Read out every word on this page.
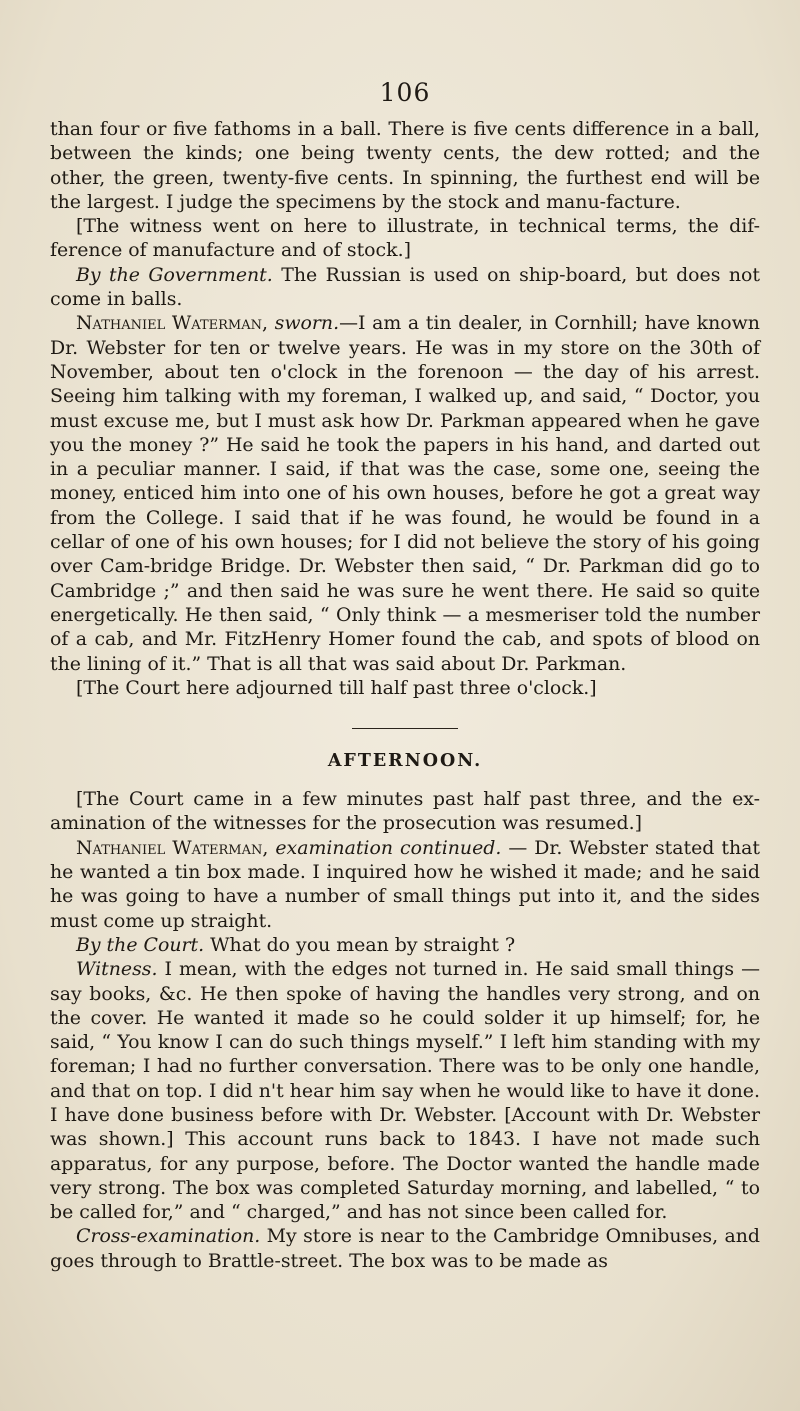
106

than four or five fathoms in a ball. There is five cents difference in a ball, between the kinds; one being twenty cents, the dew rotted; and the other, the green, twenty-five cents. In spinning, the furthest end will be the largest. I judge the specimens by the stock and manu-facture.

[The witness went on here to illustrate, in technical terms, the dif-ference of manufacture and of stock.]

By the Government. The Russian is used on ship-board, but does not come in balls.

Nathaniel Waterman, sworn.—I am a tin dealer, in Cornhill; have known Dr. Webster for ten or twelve years. He was in my store on the 30th of November, about ten o'clock in the forenoon — the day of his arrest. Seeing him talking with my foreman, I walked up, and said, “ Doctor, you must excuse me, but I must ask how Dr. Parkman appeared when he gave you the money ?” He said he took the papers in his hand, and darted out in a peculiar manner. I said, if that was the case, some one, seeing the money, enticed him into one of his own houses, before he got a great way from the College. I said that if he was found, he would be found in a cellar of one of his own houses; for I did not believe the story of his going over Cam-bridge Bridge. Dr. Webster then said, “ Dr. Parkman did go to Cambridge ;” and then said he was sure he went there. He said so quite energetically. He then said, “ Only think — a mesmeriser told the number of a cab, and Mr. FitzHenry Homer found the cab, and spots of blood on the lining of it.” That is all that was said about Dr. Parkman.

[The Court here adjourned till half past three o'clock.]

AFTERNOON.

[The Court came in a few minutes past half past three, and the ex-amination of the witnesses for the prosecution was resumed.]

Nathaniel Waterman, examination continued. — Dr. Webster stated that he wanted a tin box made. I inquired how he wished it made; and he said he was going to have a number of small things put into it, and the sides must come up straight.

By the Court. What do you mean by straight ?

Witness. I mean, with the edges not turned in. He said small things — say books, &c. He then spoke of having the handles very strong, and on the cover. He wanted it made so he could solder it up himself; for, he said, “ You know I can do such things myself.” I left him standing with my foreman; I had no further conversation. There was to be only one handle, and that on top. I did n't hear him say when he would like to have it done. I have done business before with Dr. Webster. [Account with Dr. Webster was shown.] This account runs back to 1843. I have not made such apparatus, for any purpose, before. The Doctor wanted the handle made very strong. The box was completed Saturday morning, and labelled, “ to be called for,” and “ charged,” and has not since been called for.

Cross-examination. My store is near to the Cambridge Omnibuses, and goes through to Brattle-street. The box was to be made as
